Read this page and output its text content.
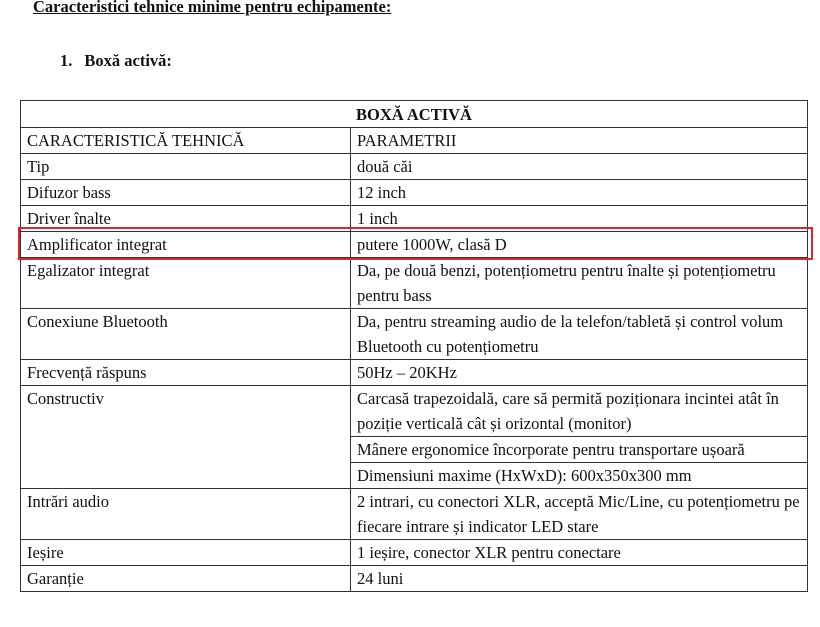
Caracteristici tehnice minime pentru echipamente:
1. Boxă activă:
BOXĂ ACTIVĂ	
CARACTERISTICĂ TEHNICĂ	PARAMETRII
Tip	două căi
Difuzor bass	12 inch
Driver înalte	1 inch
Amplificator integrat	putere 1000W, clasă D
Egalizator integrat	Da, pe două benzi, potențiometru pentru înalte și potențiometru pentru bass
Conexiune Bluetooth	Da, pentru streaming audio de la telefon/tabletă și control volum Bluetooth cu potențiometru
Frecvență răspuns	50Hz – 20KHz
Constructiv	Carcasă trapezoidală, care să permită poziționara incintei atât în poziție verticală cât și orizontal (monitor)
	Mânere ergonomice încorporate pentru transportare ușoară
	Dimensiuni maxime (HxWxD): 600x350x300 mm
Intrări audio	2 intrari, cu conectori XLR, acceptă Mic/Line, cu potențiometru pe fiecare intrare și indicator LED stare
Ieșire	1 ieșire, conector XLR pentru conectare
Garanție	24 luni
